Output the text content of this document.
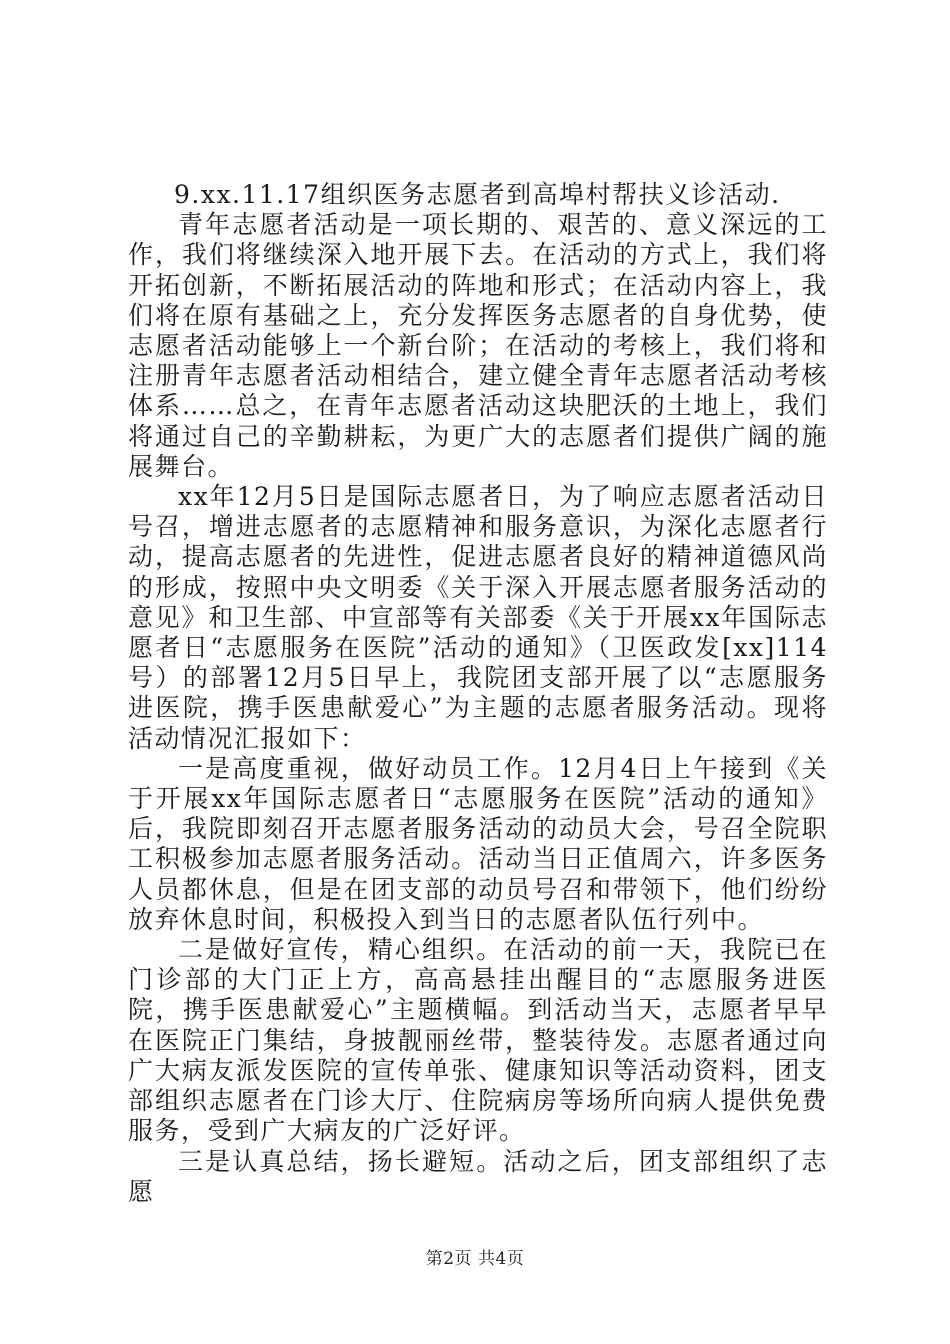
9.xx.11.17组织医务志愿者到高埠村帮扶义诊活动.

青年志愿者活动是一项长期的、艰苦的、意义深远的工作，我们将继续深入地开展下去。在活动的方式上，我们将开拓创新，不断拓展活动的阵地和形式；在活动内容上，我们将在原有基础之上，充分发挥医务志愿者的自身优势，使志愿者活动能够上一个新台阶；在活动的考核上，我们将和注册青年志愿者活动相结合，建立健全青年志愿者活动考核体系……总之，在青年志愿者活动这块肥沃的土地上，我们将通过自己的辛勤耕耘，为更广大的志愿者们提供广阔的施展舞台。

xx年12月5日是国际志愿者日，为了响应志愿者活动日号召，增进志愿者的志愿精神和服务意识，为深化志愿者行动，提高志愿者的先进性，促进志愿者良好的精神道德风尚的形成，按照中央文明委《关于深入开展志愿者服务活动的意见》和卫生部、中宣部等有关部委《关于开展xx年国际志愿者日“志愿服务在医院”活动的通知》（卫医政发[xx]114号）的部署12月5日早上，我院团支部开展了以“志愿服务进医院，携手医患献爱心”为主题的志愿者服务活动。现将活动情况汇报如下：

一是高度重视，做好动员工作。12月4日上午接到《关于开展xx年国际志愿者日“志愿服务在医院”活动的通知》后，我院即刻召开志愿者服务活动的动员大会，号召全院职工积极参加志愿者服务活动。活动当日正值周六，许多医务人员都休息，但是在团支部的动员号召和带领下，他们纷纷放弃休息时间，积极投入到当日的志愿者队伍行列中。

二是做好宣传，精心组织。在活动的前一天，我院已在门诊部的大门正上方，高高悬挂出醒目的“志愿服务进医院，携手医患献爱心”主题横幅。到活动当天，志愿者早早在医院正门集结，身披靓丽丝带，整装待发。志愿者通过向广大病友派发医院的宣传单张、健康知识等活动资料，团支部组织志愿者在门诊大厅、住院病房等场所向病人提供免费服务，受到广大病友的广泛好评。

三是认真总结，扬长避短。活动之后，团支部组织了志愿

第2页 共4页
